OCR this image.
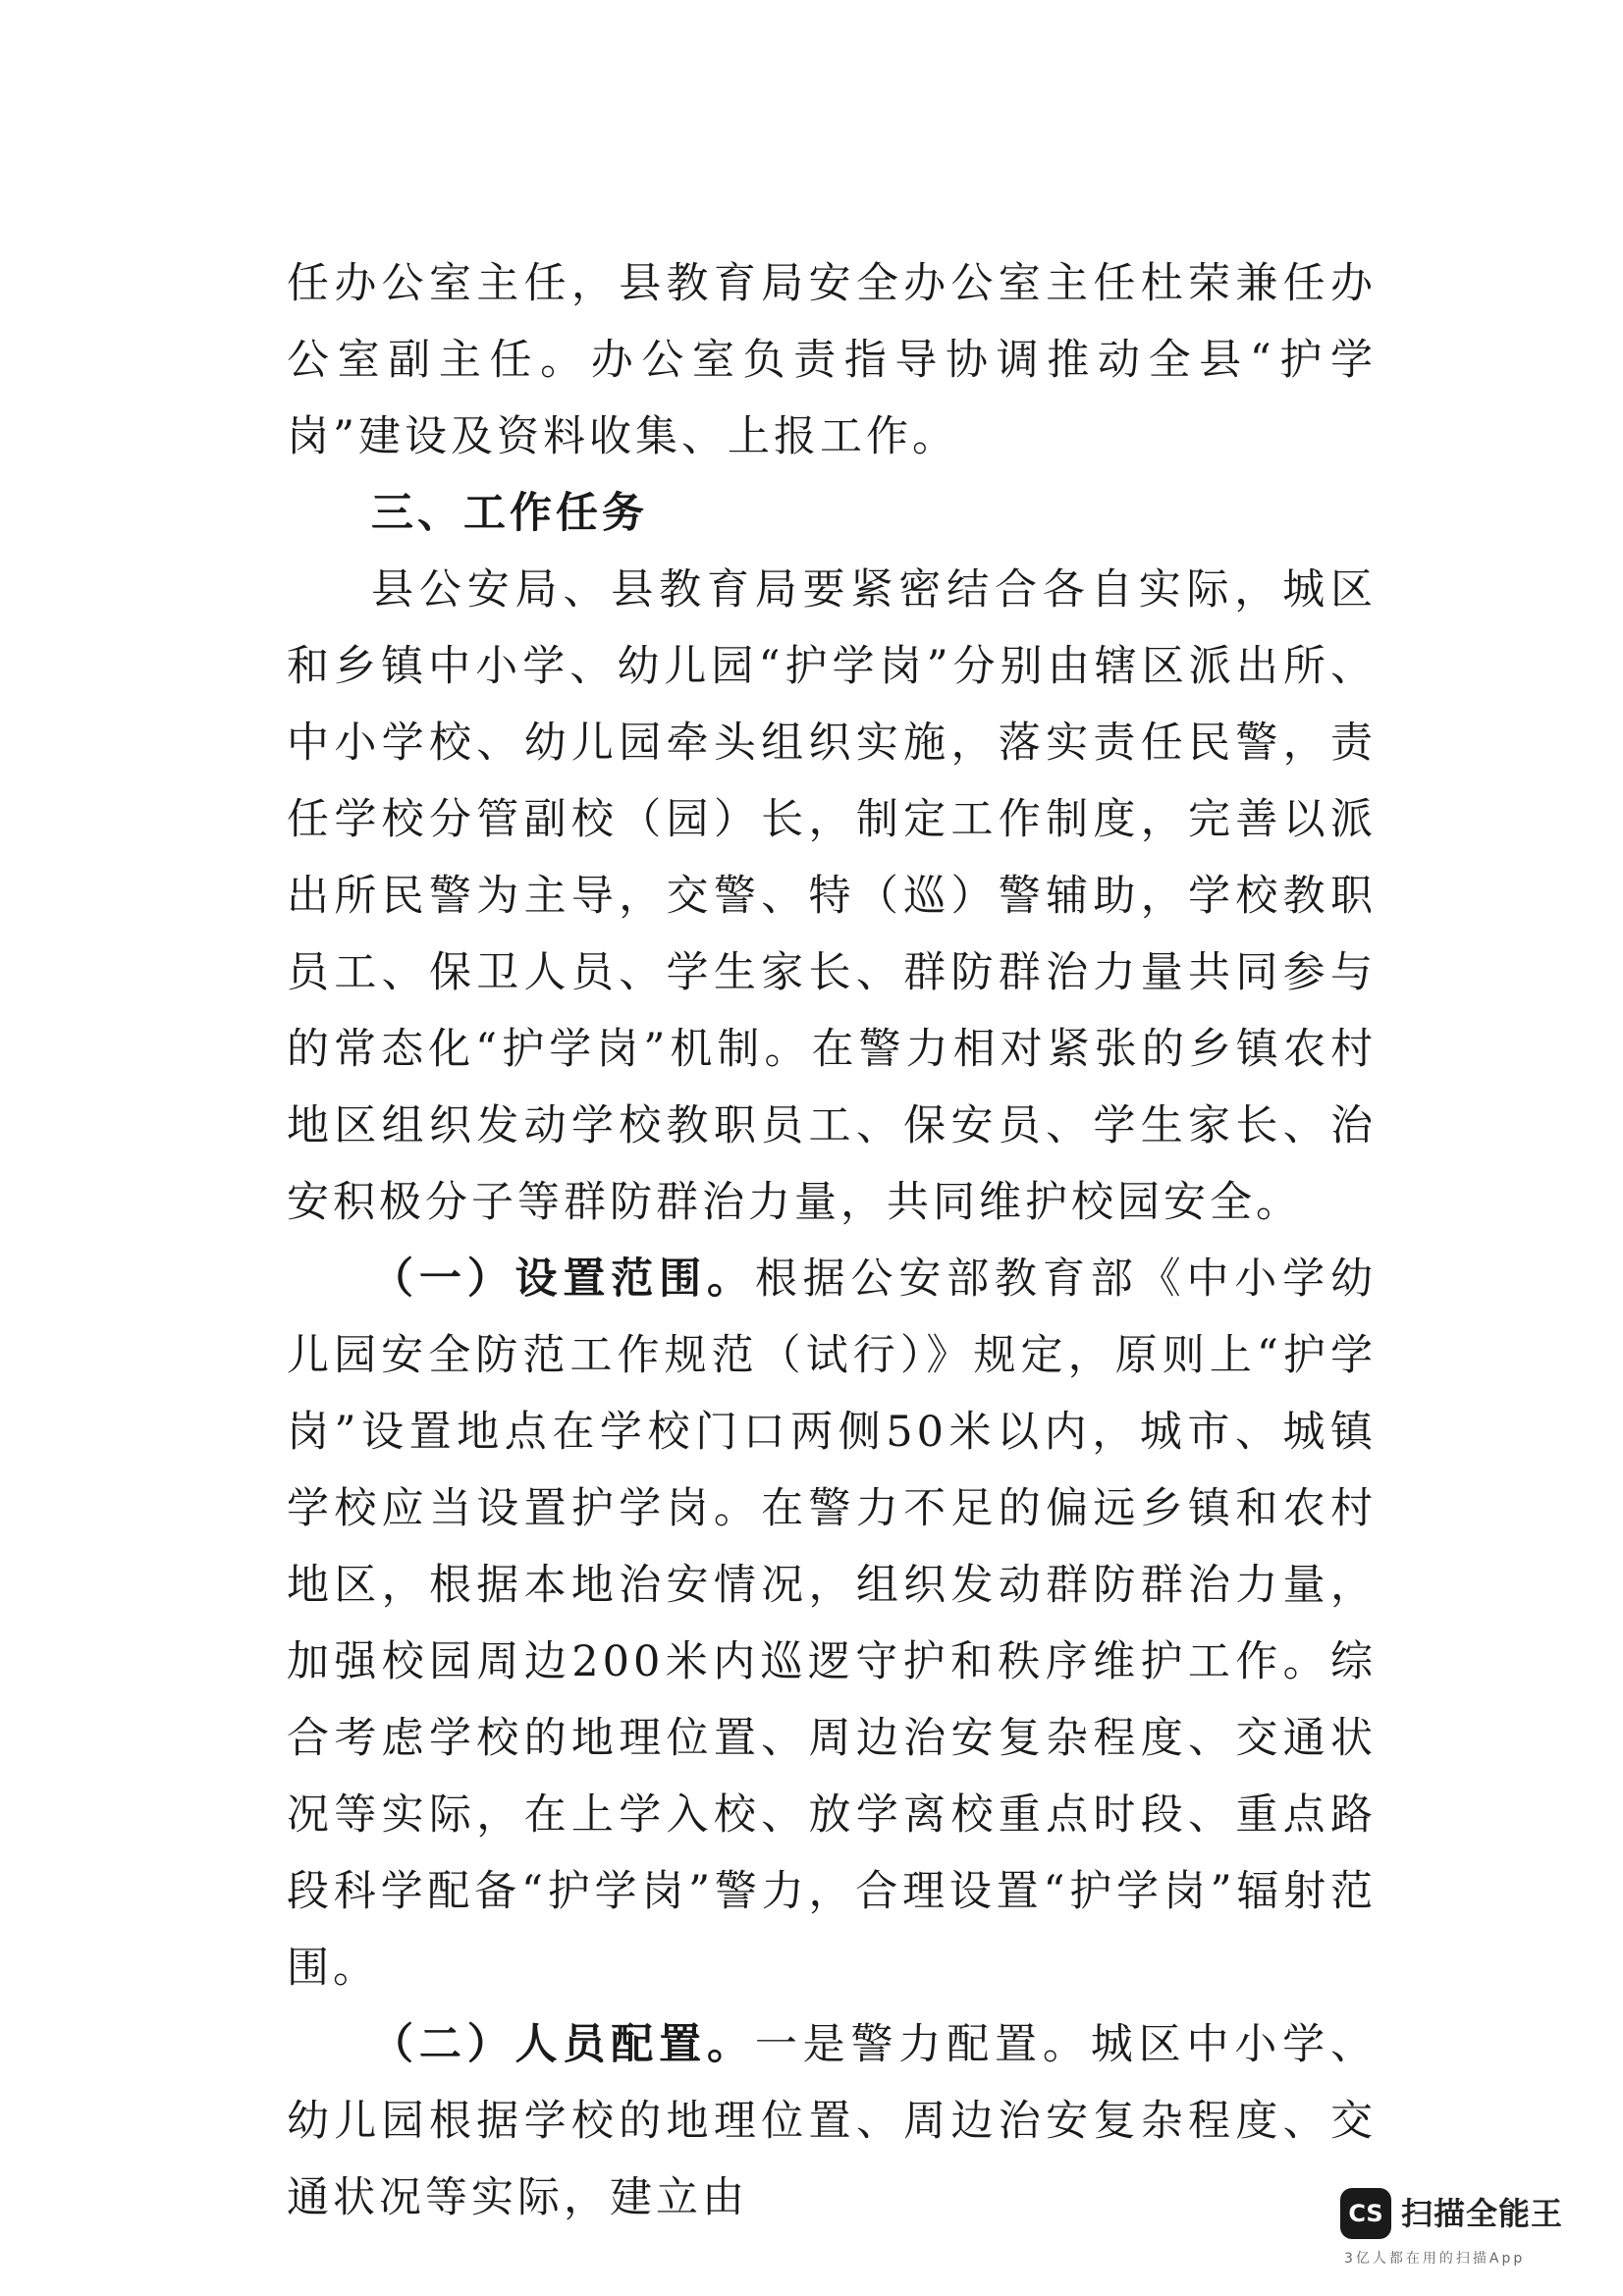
任办公室主任，县教育局安全办公室主任杜荣兼任办公室副主任。办公室负责指导协调推动全县“护学岗”建设及资料收集、上报工作。

三、工作任务

县公安局、县教育局要紧密结合各自实际，城区和乡镇中小学、幼儿园“护学岗”分别由辖区派出所、中小学校、幼儿园牵头组织实施，落实责任民警，责任学校分管副校（园）长，制定工作制度，完善以派出所民警为主导，交警、特（巡）警辅助，学校教职员工、保卫人员、学生家长、群防群治力量共同参与的常态化“护学岗”机制。在警力相对紧张的乡镇农村地区组织发动学校教职员工、保安员、学生家长、治安积极分子等群防群治力量，共同维护校园安全。

（一）设置范围。根据公安部教育部《中小学幼儿园安全防范工作规范（试行）》规定，原则上“护学岗”设置地点在学校门口两侧50米以内，城市、城镇学校应当设置护学岗。在警力不足的偏远乡镇和农村地区，根据本地治安情况，组织发动群防群治力量，加强校园周边200米内巡逻守护和秩序维护工作。综合考虑学校的地理位置、周边治安复杂程度、交通状况等实际，在上学入校、放学离校重点时段、重点路段科学配备“护学岗”警力，合理设置“护学岗”辐射范围。

（二）人员配置。一是警力配置。城区中小学、幼儿园根据学校的地理位置、周边治安复杂程度、交通状况等实际，建立由	CS 扫描全能王
3亿人都在用的扫描App
